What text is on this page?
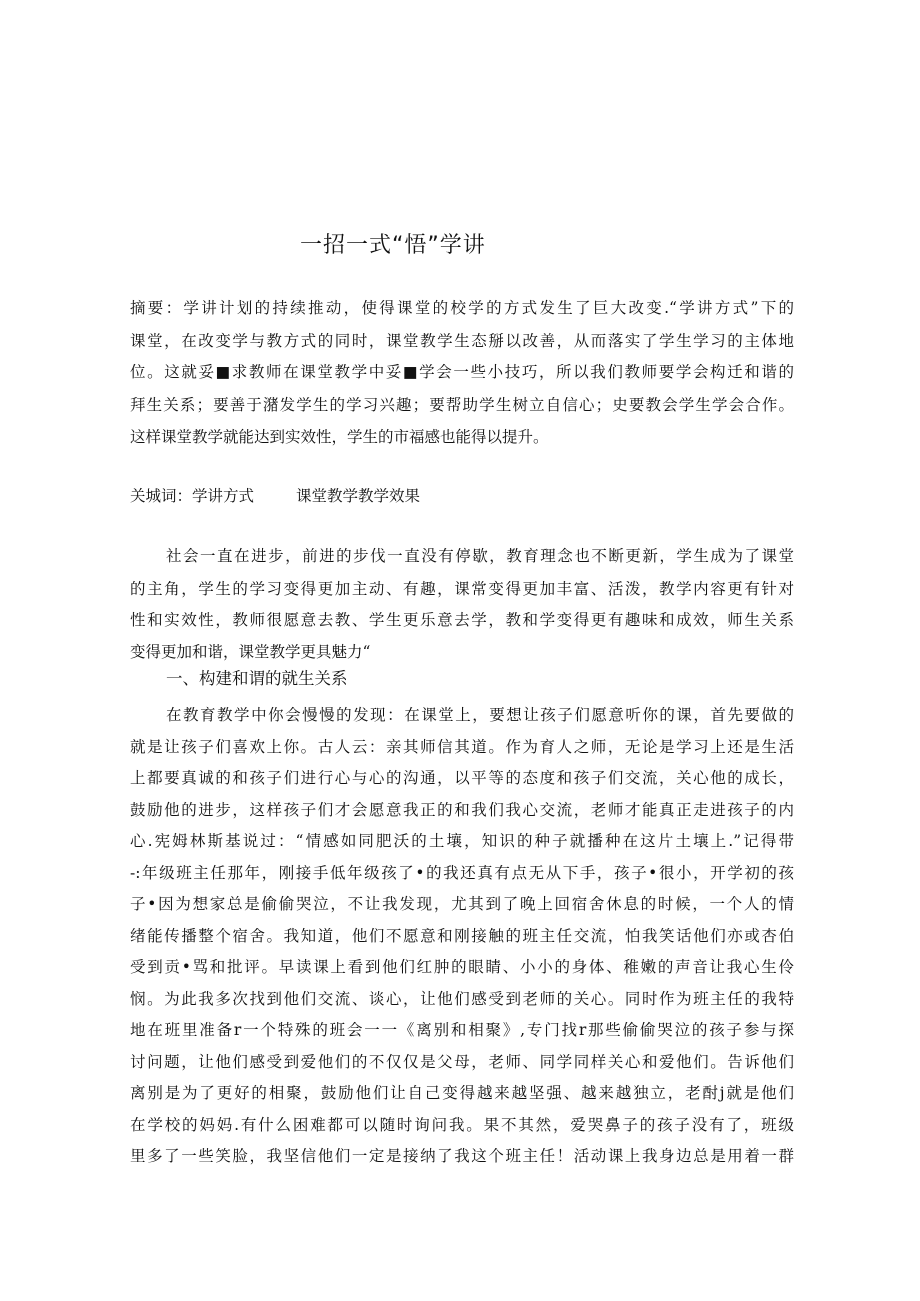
一招一式“悟”学讲
摘要：学讲计划的持续推动，使得课堂的校学的方式发生了巨大改变.“学讲方式”下的
课堂，在改变学与教方式的同时，课堂教学生态掰以改善，从而落实了学生学习的主体地
位。这就妥■求教师在课堂教学中妥■学会一些小技巧，所以我们教师要学会构迁和谐的
拜生关系；要善于潴发学生的学习兴趣；要帮助学生树立自信心；史要教会学生学会合作。
这样课堂教学就能达到实效性，学生的市福感也能得以提升。
关城词：学讲方式	课堂教学教学效果
社会一直在进步，前进的步伐一直没有停歇，教育理念也不断更新，学生成为了课堂
的主角，学生的学习变得更加主动、有趣，课常变得更加丰富、活泼，教学内容更有针对
性和实效性，教师很愿意去教、学生更乐意去学，教和学变得更有趣味和成效，师生关系
变得更加和谐，课堂教学更具魅力“
一、构建和谓的就生关系
在教育教学中你会慢慢的发现：在课堂上，要想让孩子们愿意听你的课，首先要做的
就是让孩子们喜欢上你。古人云：亲其师信其道。作为育人之师，无论是学习上还是生活
上都要真诚的和孩子们进行心与心的沟通，以平等的态度和孩子们交流，关心他的成长，
鼓励他的进步，这样孩子们才会愿意我正的和我们我心交流，老师才能真正走进孩子的内
心.宪姆林斯基说过：“情感如同肥沃的土壤，知识的种子就播种在这片土壤上.”记得带
-:年级班主任那年，刚接手低年级孩了•的我还真有点无从下手，孩子•很小，开学初的孩
子•因为想家总是偷偷哭泣，不让我发现，尤其到了晚上回宿舍休息的时候，一个人的情
绪能传播整个宿舍。我知道，他们不愿意和刚接触的班主任交流，怕我笑话他们亦或杏伯
受到贡•骂和批评。早读课上看到他们红肿的眼睛、小小的身体、稚嫩的声音让我心生伶
悯。为此我多次找到他们交流、谈心，让他们感受到老师的关心。同时作为班主任的我特
地在班里准备r一个特殊的班会一一《离别和相聚》,专门找r那些偷偷哭泣的孩子参与探
讨问题，让他们感受到爱他们的不仅仅是父母，老师、同学同样关心和爱他们。告诉他们
离别是为了更好的相聚，鼓励他们让自己变得越来越坚强、越来越独立，老酎j就是他们
在学校的妈妈.有什么困难都可以随时询问我。果不其然，爱哭鼻子的孩子没有了，班级
里多了一些笑脸，我坚信他们一定是接纳了我这个班主任！活动课上我身边总是用着一群
